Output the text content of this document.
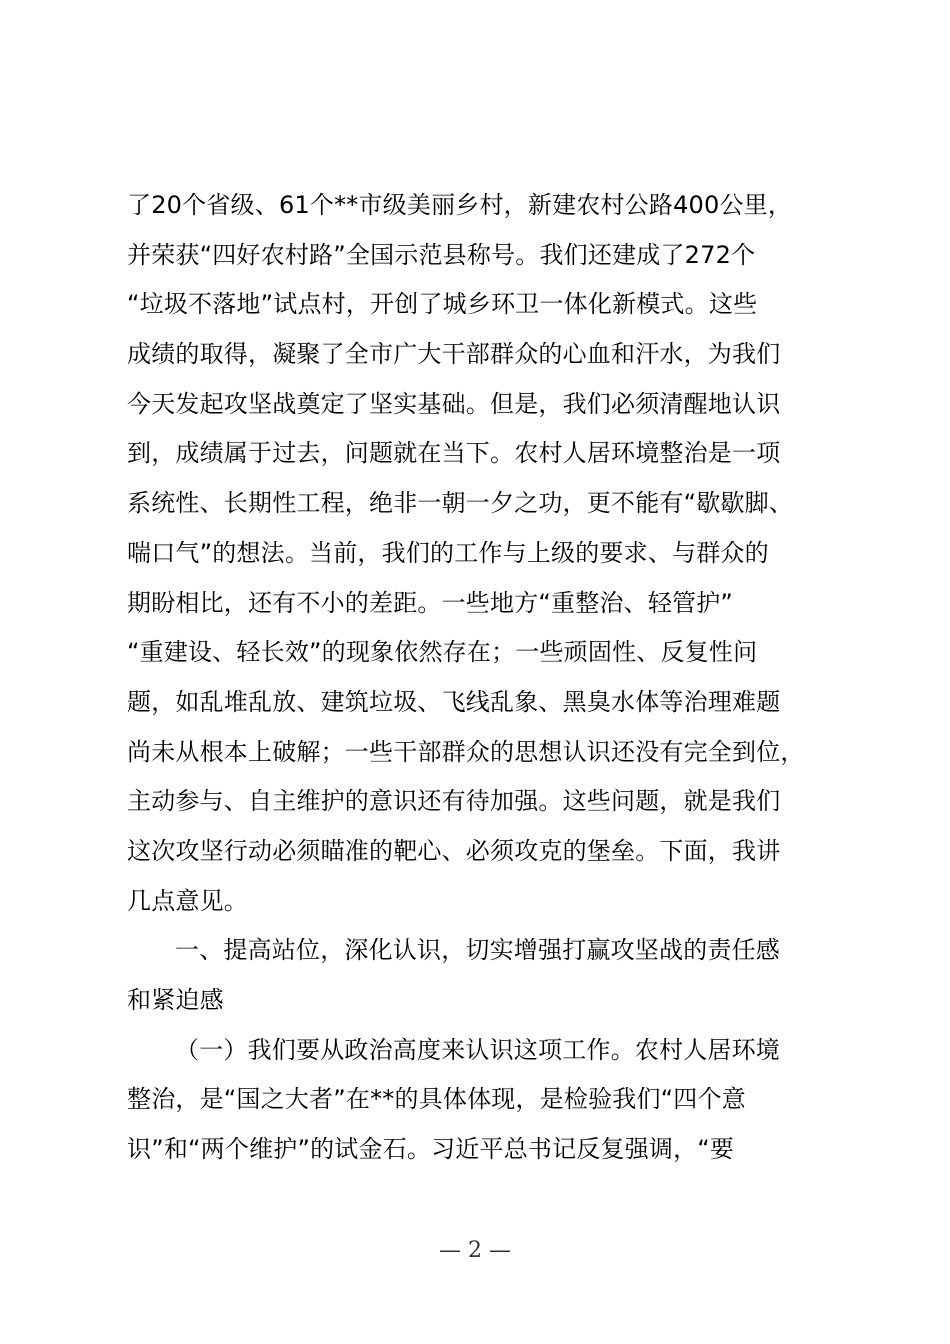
了20个省级、61个**市级美丽乡村，新建农村公路400公里，
并荣获“四好农村路”全国示范县称号。我们还建成了272个
“垃圾不落地”试点村，开创了城乡环卫一体化新模式。这些
成绩的取得，凝聚了全市广大干部群众的心血和汗水，为我们
今天发起攻坚战奠定了坚实基础。但是，我们必须清醒地认识
到，成绩属于过去，问题就在当下。农村人居环境整治是一项
系统性、长期性工程，绝非一朝一夕之功，更不能有“歇歇脚、
喘口气”的想法。当前，我们的工作与上级的要求、与群众的
期盼相比，还有不小的差距。一些地方“重整治、轻管护”
“重建设、轻长效”的现象依然存在；一些顽固性、反复性问
题，如乱堆乱放、建筑垃圾、飞线乱象、黑臭水体等治理难题
尚未从根本上破解；一些干部群众的思想认识还没有完全到位，
主动参与、自主维护的意识还有待加强。这些问题，就是我们
这次攻坚行动必须瞄准的靶心、必须攻克的堡垒。下面，我讲
几点意见。
一、提高站位，深化认识，切实增强打赢攻坚战的责任感
和紧迫感
（一）我们要从政治高度来认识这项工作。农村人居环境
整治，是“国之大者”在**的具体体现，是检验我们“四个意
识”和“两个维护”的试金石。习近平总书记反复强调，“要
— 2 —
